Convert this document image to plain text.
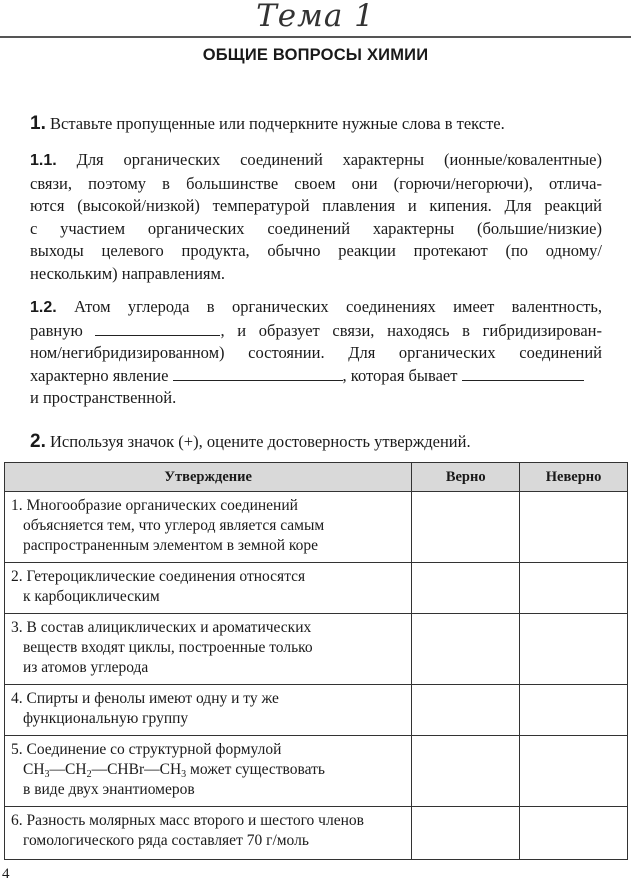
Тема 1
ОБЩИЕ ВОПРОСЫ ХИМИИ
1. Вставьте пропущенные или подчеркните нужные слова в тексте.
1.1. Для органических соединений характерны (ионные/ковалентные)
связи, поэтому в большинстве своем они (горючи/негорючи), отлича-
ются (высокой/низкой) температурой плавления и кипения. Для реакций
с участием органических соединений характерны (большие/низкие)
выходы целевого продукта, обычно реакции протекают (по одному/
нескольким) направлениям.
1.2. Атом углерода в органических соединениях имеет валентность,
равную	, и образует связи, находясь в гибридизирован-
ном/негибридизированном) состоянии. Для органических соединений
характерно явление	, которая бывает
и пространственной.
2. Используя значок (+), оцените достоверность утверждений.
Утверждение	Верно	Неверно

1. Многообразие органических соединений
объясняется тем, что углерод является самым
распространенным элементом в земной коре		

2. Гетероциклические соединения относятся
к карбоциклическим		

3. В состав алициклических и ароматических
веществ входят циклы, построенные только
из атомов углерода		

4. Спирты и фенолы имеют одну и ту же
функциональную группу		

5. Соединение со структурной формулой
$CH_3—CH_2—CHBr—CH_3$ может существовать
в виде двух энантиомеров		

6. Разность молярных масс второго и шестого членов
гомологического ряда составляет 70 г/моль		

4
